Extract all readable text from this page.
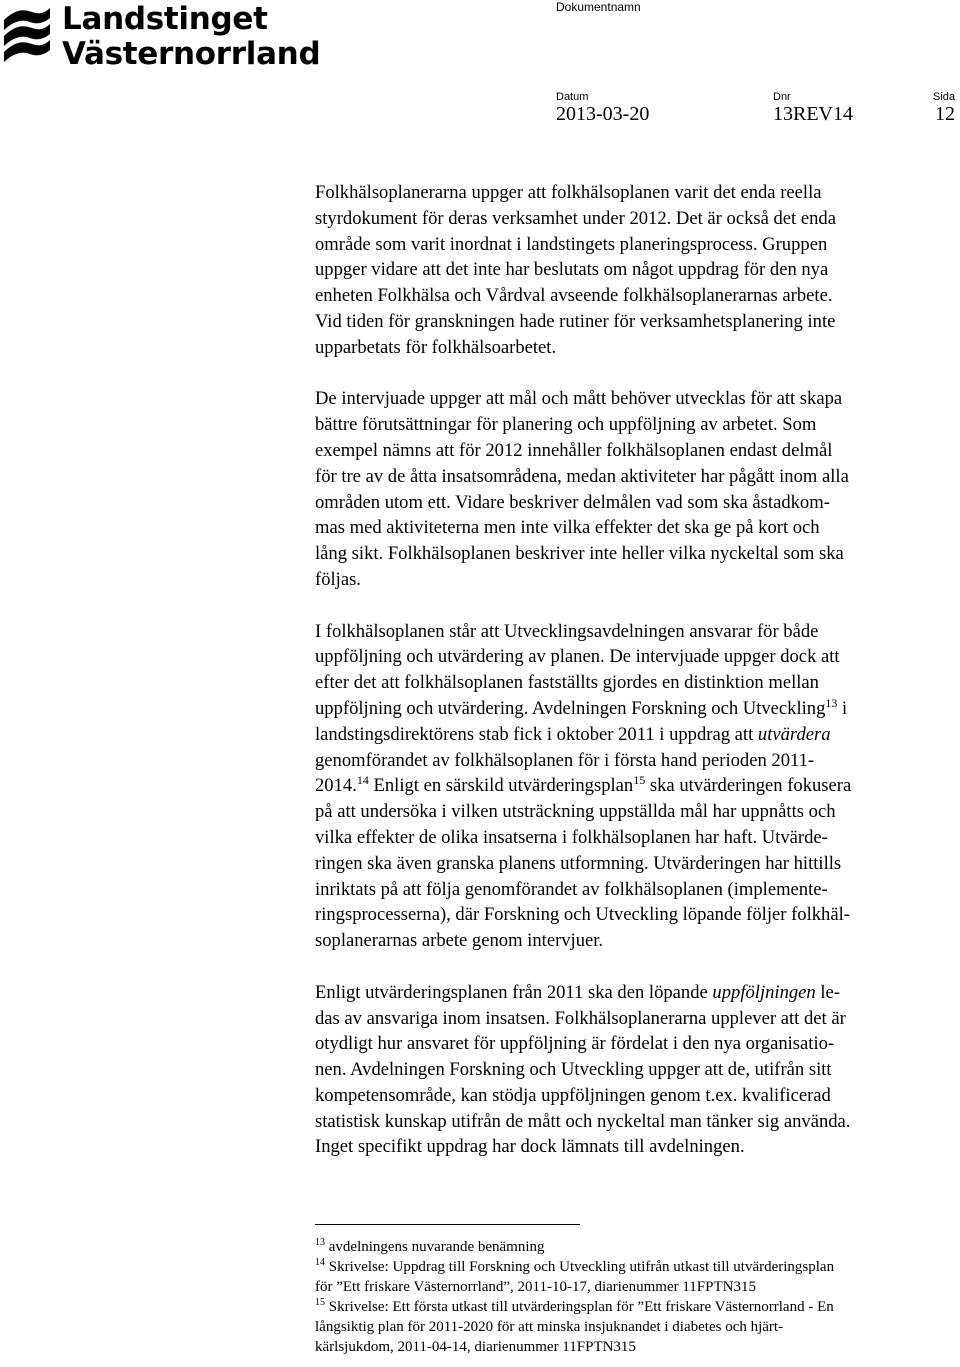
Landstinget
Västernorrland
Dokumentnamn
Datum
2013-03-20
Dnr
13REV14
Sida
12

Folkhälsoplanerarna uppger att folkhälsoplanen varit det enda reella
styrdokument för deras verksamhet under 2012. Det är också det enda
område som varit inordnat i landstingets planeringsprocess. Gruppen
uppger vidare att det inte har beslutats om något uppdrag för den nya
enheten Folkhälsa och Vårdval avseende folkhälsoplanerarnas arbete.
Vid tiden för granskningen hade rutiner för verksamhetsplanering inte
upparbetats för folkhälsoarbetet.

De intervjuade uppger att mål och mått behöver utvecklas för att skapa
bättre förutsättningar för planering och uppföljning av arbetet. Som
exempel nämns att för 2012 innehåller folkhälsoplanen endast delmål
för tre av de åtta insatsområdena, medan aktiviteter har pågått inom alla
områden utom ett. Vidare beskriver delmålen vad som ska åstadkom-
mas med aktiviteterna men inte vilka effekter det ska ge på kort och
lång sikt. Folkhälsoplanen beskriver inte heller vilka nyckeltal som ska
följas.

I folkhälsoplanen står att Utvecklingsavdelningen ansvarar för både
uppföljning och utvärdering av planen. De intervjuade uppger dock att
efter det att folkhälsoplanen fastställts gjordes en distinktion mellan
uppföljning och utvärdering. Avdelningen Forskning och Utveckling$^{13}$ i
landstingsdirektörens stab fick i oktober 2011 i uppdrag att utvärdera
genomförandet av folkhälsoplanen för i första hand perioden 2011-
2014.14 Enligt en särskild utvärderingsplan$^{15}$ ska utvärderingen fokusera
på att undersöka i vilken utsträckning uppställda mål har uppnåtts och
vilka effekter de olika insatserna i folkhälsoplanen har haft. Utvärde-
ringen ska även granska planens utformning. Utvärderingen har hittills
inriktats på att följa genomförandet av folkhälsoplanen (implemente-
ringsprocesserna), där Forskning och Utveckling löpande följer folkhäl-
soplanerarnas arbete genom intervjuer.

Enligt utvärderingsplanen från 2011 ska den löpande uppföljningen le-
das av ansvariga inom insatsen. Folkhälsoplanerarna upplever att det är
otydligt hur ansvaret för uppföljning är fördelat i den nya organisatio-
nen. Avdelningen Forskning och Utveckling uppger att de, utifrån sitt
kompetensområde, kan stödja uppföljningen genom t.ex. kvalificerad
statistisk kunskap utifrån de mått och nyckeltal man tänker sig använda.
Inget specifikt uppdrag har dock lämnats till avdelningen.

$^{13}$ avdelningens nuvarande benämning
$^{14}$ Skrivelse: Uppdrag till Forskning och Utveckling utifrån utkast till utvärderingsplan
för ”Ett friskare Västernorrland”, 2011-10-17, diarienummer 11FPTN315
$^{15}$ Skrivelse: Ett första utkast till utvärderingsplan för ”Ett friskare Västernorrland - En
långsiktig plan för 2011-2020 för att minska insjuknandet i diabetes och hjärt-
kärlsjukdom, 2011-04-14, diarienummer 11FPTN315
